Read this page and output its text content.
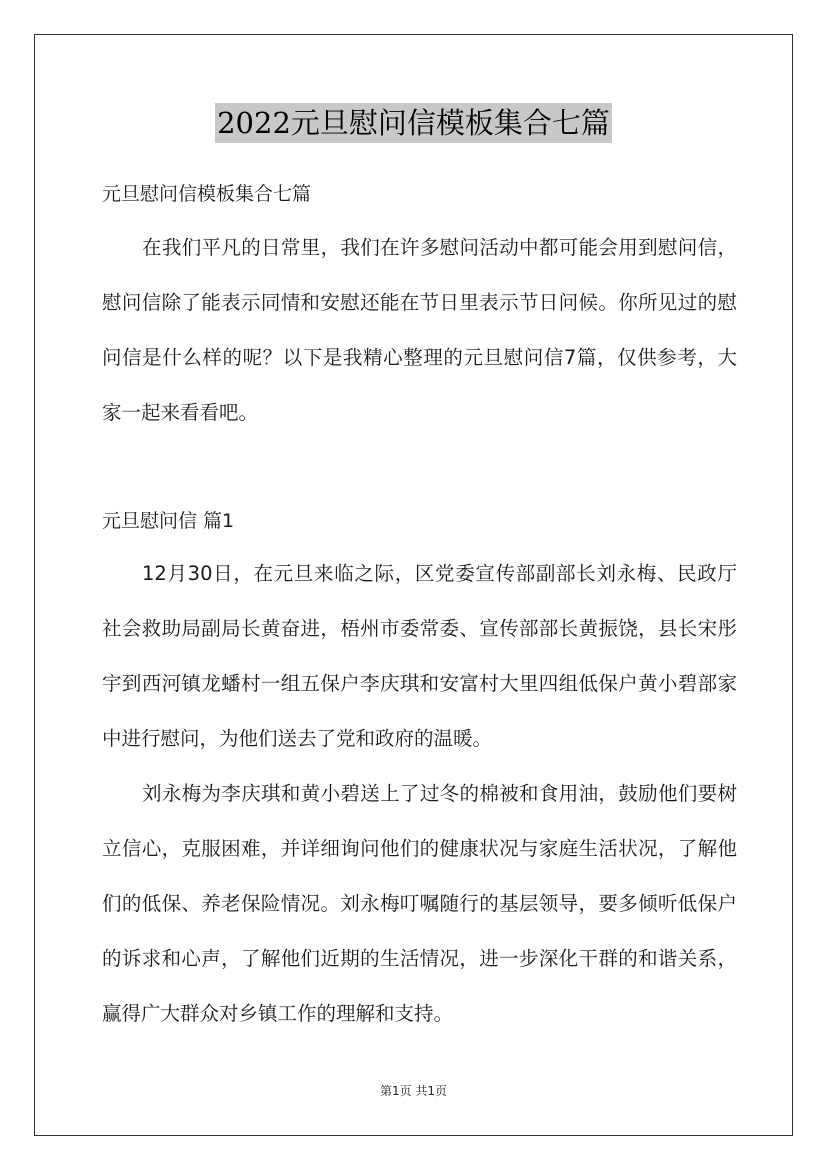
2022元旦慰问信模板集合七篇
元旦慰问信模板集合七篇

在我们平凡的日常里，我们在许多慰问活动中都可能会用到慰问信，慰问信除了能表示同情和安慰还能在节日里表示节日问候。你所见过的慰问信是什么样的呢？以下是我精心整理的元旦慰问信7篇，仅供参考，大家一起来看看吧。

元旦慰问信 篇1

12月30日，在元旦来临之际，区党委宣传部副部长刘永梅、民政厅社会救助局副局长黄奋进，梧州市委常委、宣传部部长黄振饶，县长宋彤宇到西河镇龙蟠村一组五保户李庆琪和安富村大里四组低保户黄小碧部家中进行慰问，为他们送去了党和政府的温暖。

刘永梅为李庆琪和黄小碧送上了过冬的棉被和食用油，鼓励他们要树立信心，克服困难，并详细询问他们的健康状况与家庭生活状况，了解他们的低保、养老保险情况。刘永梅叮嘱随行的基层领导，要多倾听低保户的诉求和心声，了解他们近期的生活情况，进一步深化干群的和谐关系，赢得广大群众对乡镇工作的理解和支持。

第1页 共1页
